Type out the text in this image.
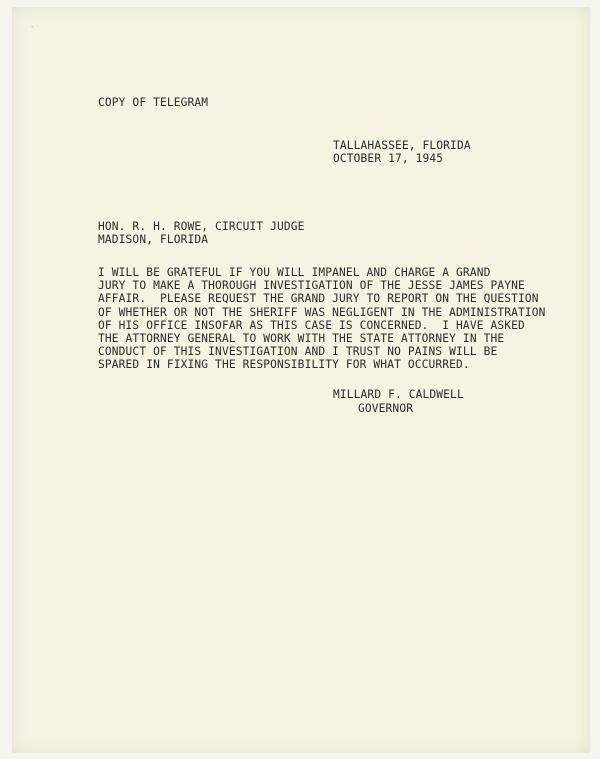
- ·
COPY OF TELEGRAM
TALLAHASSEE, FLORIDA
OCTOBER 17, 1945
HON. R. H. ROWE, CIRCUIT JUDGE
MADISON, FLORIDA
I WILL BE GRATEFUL IF YOU WILL IMPANEL AND CHARGE A GRAND
JURY TO MAKE A THOROUGH INVESTIGATION OF THE JESSE JAMES PAYNE
AFFAIR.  PLEASE REQUEST THE GRAND JURY TO REPORT ON THE QUESTION
OF WHETHER OR NOT THE SHERIFF WAS NEGLIGENT IN THE ADMINISTRATION
OF HIS OFFICE INSOFAR AS THIS CASE IS CONCERNED.  I HAVE ASKED
THE ATTORNEY GENERAL TO WORK WITH THE STATE ATTORNEY IN THE
CONDUCT OF THIS INVESTIGATION AND I TRUST NO PAINS WILL BE
SPARED IN FIXING THE RESPONSIBILITY FOR WHAT OCCURRED.
MILLARD F. CALDWELL
GOVERNOR
